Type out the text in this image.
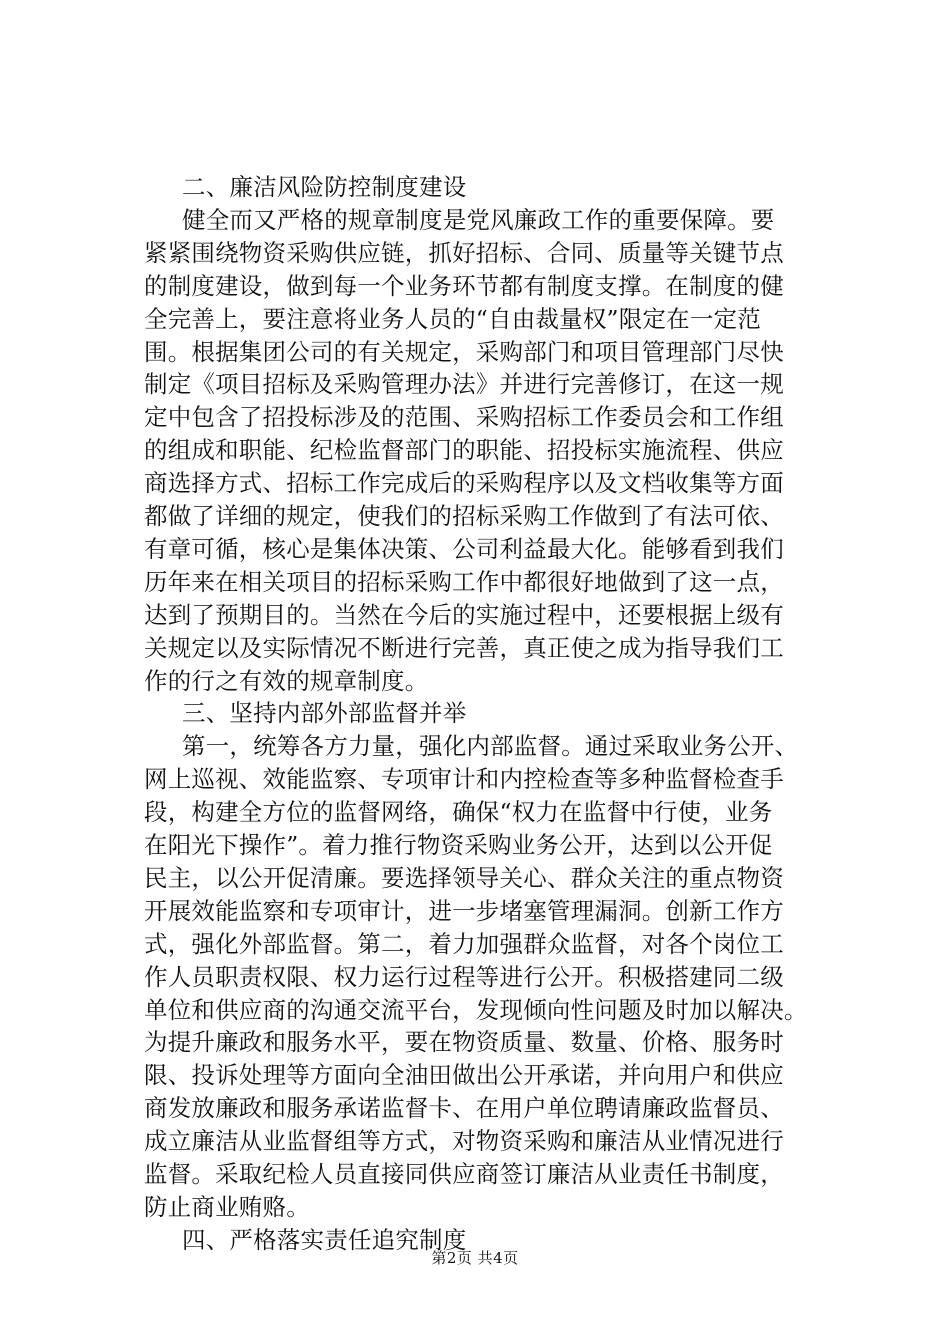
二、廉洁风险防控制度建设
健全而又严格的规章制度是党风廉政工作的重要保障。要
紧紧围绕物资采购供应链，抓好招标、合同、质量等关键节点
的制度建设，做到每一个业务环节都有制度支撑。在制度的健
全完善上，要注意将业务人员的“自由裁量权”限定在一定范
围。根据集团公司的有关规定，采购部门和项目管理部门尽快
制定《项目招标及采购管理办法》并进行完善修订，在这一规
定中包含了招投标涉及的范围、采购招标工作委员会和工作组
的组成和职能、纪检监督部门的职能、招投标实施流程、供应
商选择方式、招标工作完成后的采购程序以及文档收集等方面
都做了详细的规定，使我们的招标采购工作做到了有法可依、
有章可循，核心是集体决策、公司利益最大化。能够看到我们
历年来在相关项目的招标采购工作中都很好地做到了这一点，
达到了预期目的。当然在今后的实施过程中，还要根据上级有
关规定以及实际情况不断进行完善，真正使之成为指导我们工
作的行之有效的规章制度。
三、坚持内部外部监督并举
第一，统筹各方力量，强化内部监督。通过采取业务公开、
网上巡视、效能监察、专项审计和内控检查等多种监督检查手
段，构建全方位的监督网络，确保“权力在监督中行使，业务
在阳光下操作”。着力推行物资采购业务公开，达到以公开促
民主，以公开促清廉。要选择领导关心、群众关注的重点物资
开展效能监察和专项审计，进一步堵塞管理漏洞。创新工作方
式，强化外部监督。第二，着力加强群众监督，对各个岗位工
作人员职责权限、权力运行过程等进行公开。积极搭建同二级
单位和供应商的沟通交流平台，发现倾向性问题及时加以解决。
为提升廉政和服务水平，要在物资质量、数量、价格、服务时
限、投诉处理等方面向全油田做出公开承诺，并向用户和供应
商发放廉政和服务承诺监督卡、在用户单位聘请廉政监督员、
成立廉洁从业监督组等方式，对物资采购和廉洁从业情况进行
监督。采取纪检人员直接同供应商签订廉洁从业责任书制度，
防止商业贿赂。
四、严格落实责任追究制度
第2页 共4页
